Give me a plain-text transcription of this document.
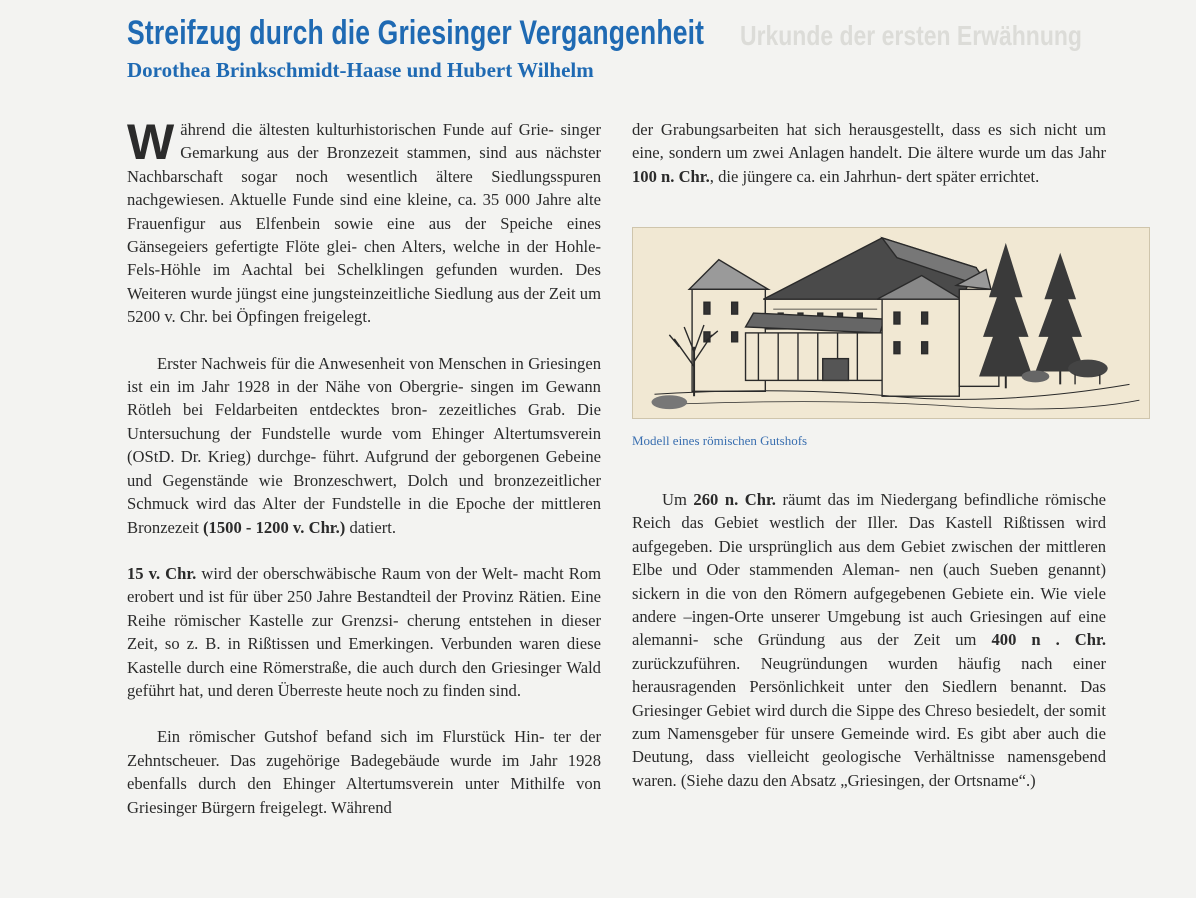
Urkunde der ersten Erwähnung
Streifzug durch die Griesinger Vergangenheit
Dorothea Brinkschmidt-Haase und Hubert Wilhelm

W ährend die ältesten kulturhistorischen Funde auf Grie- singer Gemarkung aus der Bronzezeit stammen, sind aus nächster Nachbarschaft sogar noch wesentlich ältere Siedlungsspuren nachgewiesen. Aktuelle Funde sind eine kleine, ca. 35 000 Jahre alte Frauenfigur aus Elfenbein sowie eine aus der Speiche eines Gänsegeiers gefertigte Flöte glei- chen Alters, welche in der Hohle-Fels-Höhle im Aachtal bei Schelklingen gefunden wurden. Des Weiteren wurde jüngst eine jungsteinzeitliche Siedlung aus der Zeit um 5200 v. Chr. bei Öpfingen freigelegt.

Erster Nachweis für die Anwesenheit von Menschen in Griesingen ist ein im Jahr 1928 in der Nähe von Obergrie- singen im Gewann Rötleh bei Feldarbeiten entdecktes bron- zezeitliches Grab. Die Untersuchung der Fundstelle wurde vom Ehinger Altertumsverein (OStD. Dr. Krieg) durchge- führt. Aufgrund der geborgenen Gebeine und Gegenstände wie Bronzeschwert, Dolch und bronzezeitlicher Schmuck wird das Alter der Fundstelle in die Epoche der mittleren Bronzezeit (1500 - 1200 v. Chr.) datiert.

15 v. Chr. wird der oberschwäbische Raum von der Welt- macht Rom erobert und ist für über 250 Jahre Bestandteil der Provinz Rätien. Eine Reihe römischer Kastelle zur Grenzsi- cherung entstehen in dieser Zeit, so z. B. in Rißtissen und Emerkingen. Verbunden waren diese Kastelle durch eine Römerstraße, die auch durch den Griesinger Wald geführt hat, und deren Überreste heute noch zu finden sind.

Ein römischer Gutshof befand sich im Flurstück Hin- ter der Zehntscheuer. Das zugehörige Badegebäude wurde im Jahr 1928 ebenfalls durch den Ehinger Altertumsverein unter Mithilfe von Griesinger Bürgern freigelegt. Während

der Grabungsarbeiten hat sich herausgestellt, dass es sich nicht um eine, sondern um zwei Anlagen handelt. Die ältere wurde um das Jahr 100 n. Chr., die jüngere ca. ein Jahrhun- dert später errichtet.

Modell eines römischen Gutshofs

Um 260 n. Chr. räumt das im Niedergang befindliche römische Reich das Gebiet westlich der Iller. Das Kastell Rißtissen wird aufgegeben. Die ursprünglich aus dem Gebiet zwischen der mittleren Elbe und Oder stammenden Aleman- nen (auch Sueben genannt) sickern in die von den Römern aufgegebenen Gebiete ein. Wie viele andere –ingen-Orte unserer Umgebung ist auch Griesingen auf eine alemanni- sche Gründung aus der Zeit um 400 n . Chr. zurückzuführen. Neugründungen wurden häufig nach einer herausragenden Persönlichkeit unter den Siedlern benannt. Das Griesinger Gebiet wird durch die Sippe des Chreso besiedelt, der somit zum Namensgeber für unsere Gemeinde wird. Es gibt aber auch die Deutung, dass vielleicht geologische Verhältnisse namensgebend waren. (Siehe dazu den Absatz „Griesingen, der Ortsname“.)
